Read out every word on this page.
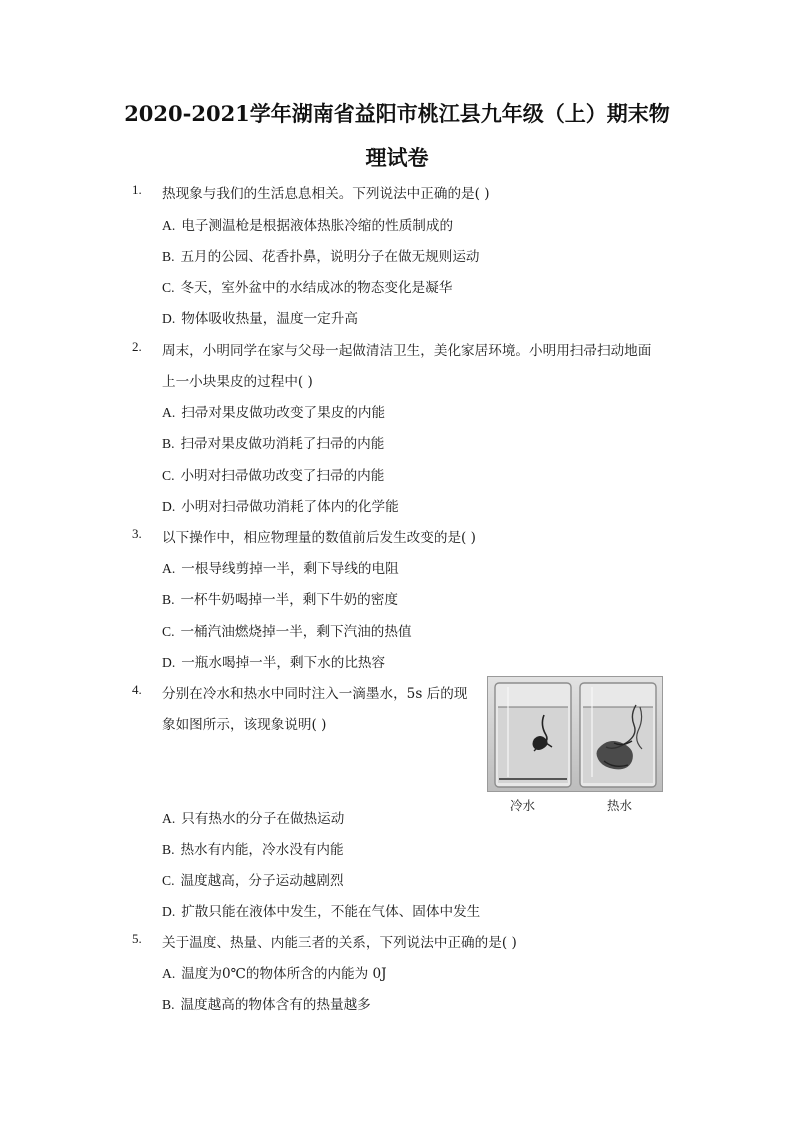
2020-2021学年湖南省益阳市桃江县九年级（上）期末物
理试卷
1.	热现象与我们的生活息息相关。下列说法中正确的是( )
A. 电子测温枪是根据液体热胀冷缩的性质制成的
B. 五月的公园、花香扑鼻，说明分子在做无规则运动
C. 冬天，室外盆中的水结成冰的物态变化是凝华
D. 物体吸收热量，温度一定升高
2.	周末，小明同学在家与父母一起做清洁卫生，美化家居环境。小明用扫帚扫动地面
上一小块果皮的过程中( )
A. 扫帚对果皮做功改变了果皮的内能
B. 扫帚对果皮做功消耗了扫帚的内能
C. 小明对扫帚做功改变了扫帚的内能
D. 小明对扫帚做功消耗了体内的化学能
3.	以下操作中，相应物理量的数值前后发生改变的是( )
A. 一根导线剪掉一半，剩下导线的电阻
B. 一杯牛奶喝掉一半，剩下牛奶的密度
C. 一桶汽油燃烧掉一半，剩下汽油的热值
D. 一瓶水喝掉一半，剩下水的比热容
4.	分别在冷水和热水中同时注入一滴墨水，5s 后的现
象如图所示，该现象说明( )
冷水	热水
A. 只有热水的分子在做热运动
B. 热水有内能，冷水没有内能
C. 温度越高，分子运动越剧烈
D. 扩散只能在液体中发生，不能在气体、固体中发生
5.	关于温度、热量、内能三者的关系，下列说法中正确的是( )
A. 温度为0℃的物体所含的内能为 0J
B. 温度越高的物体含有的热量越多
